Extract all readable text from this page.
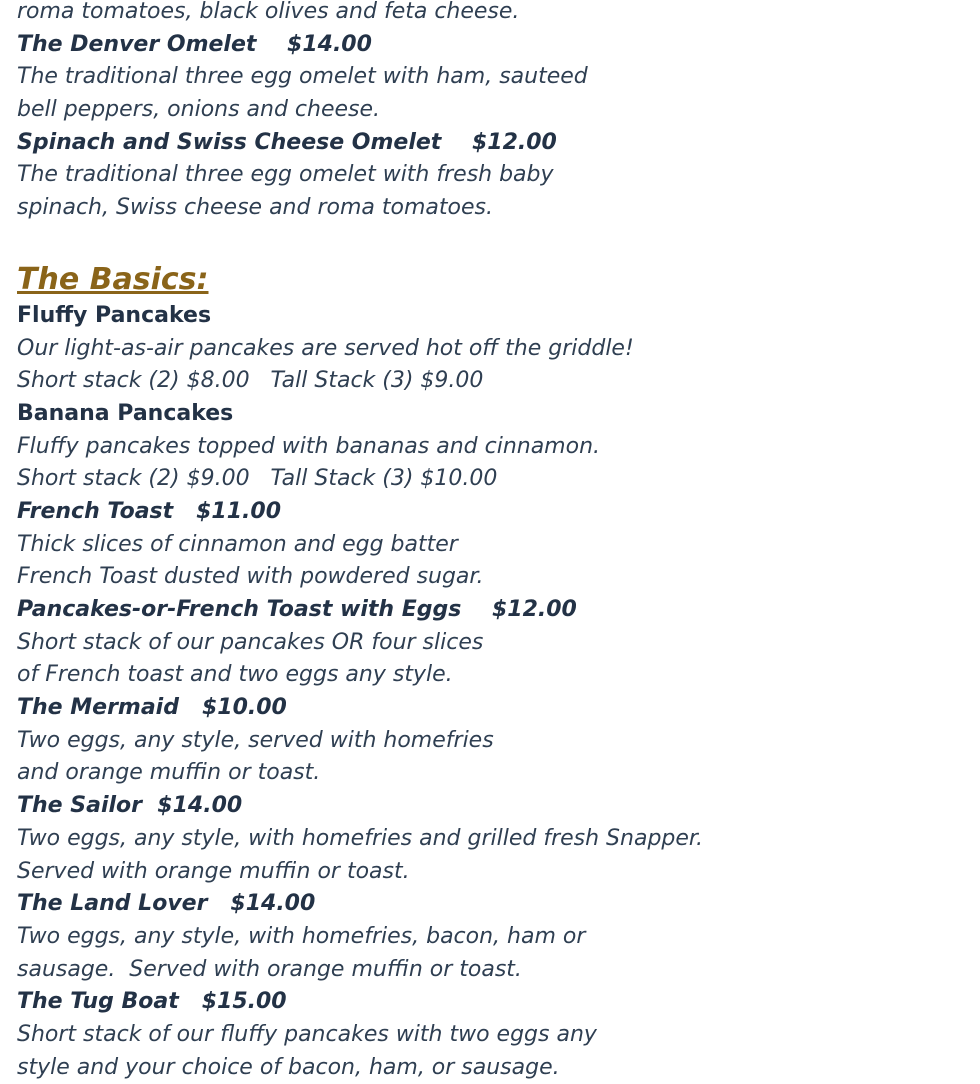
roma tomatoes, black olives and feta cheese.
The Denver Omelet    $14.00
The traditional three egg omelet with ham, sauteed
bell peppers, onions and cheese.
Spinach and Swiss Cheese Omelet    $12.00
The traditional three egg omelet with fresh baby
spinach, Swiss cheese and roma tomatoes.
The Basics:
Fluffy Pancakes
Our light-as-air pancakes are served hot off the griddle!
Short stack (2) $8.00   Tall Stack (3) $9.00
Banana Pancakes
Fluffy pancakes topped with bananas and cinnamon.
Short stack (2) $9.00   Tall Stack (3) $10.00
French Toast   $11.00
Thick slices of cinnamon and egg batter
French Toast dusted with powdered sugar.
Pancakes-or-French Toast with Eggs    $12.00
Short stack of our pancakes OR four slices
of French toast and two eggs any style.
The Mermaid   $10.00
Two eggs, any style, served with homefries
and orange muffin or toast.
The Sailor  $14.00
Two eggs, any style, with homefries and grilled fresh Snapper.
Served with orange muffin or toast.
The Land Lover   $14.00
Two eggs, any style, with homefries, bacon, ham or
sausage.  Served with orange muffin or toast.
The Tug Boat   $15.00
Short stack of our fluffy pancakes with two eggs any
style and your choice of bacon, ham, or sausage.
